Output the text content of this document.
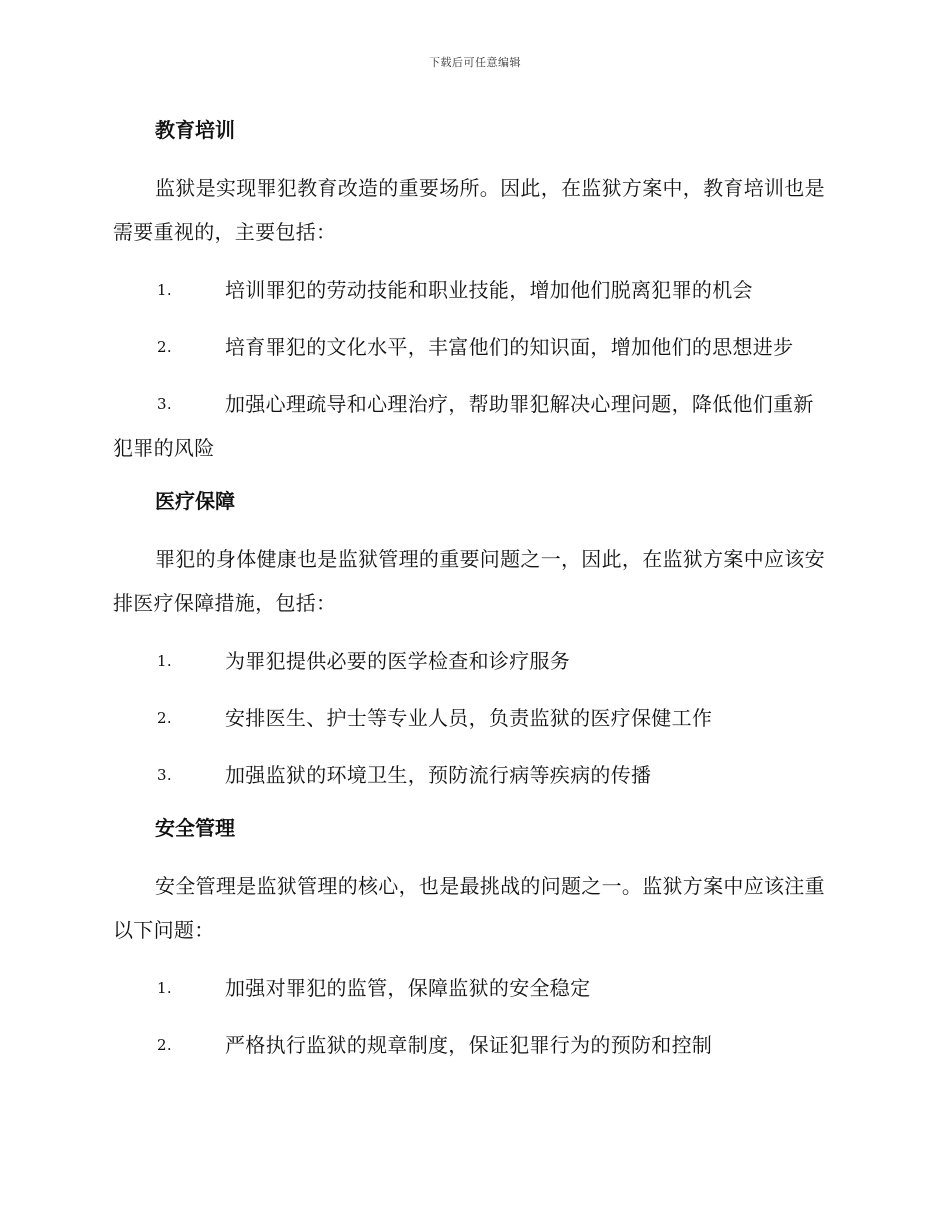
下载后可任意编辑
教育培训

监狱是实现罪犯教育改造的重要场所。因此，在监狱方案中，教育培训也是需要重视的，主要包括：

1.	培训罪犯的劳动技能和职业技能，增加他们脱离犯罪的机会
2.	培育罪犯的文化水平，丰富他们的知识面，增加他们的思想进步
3.	加强心理疏导和心理治疗，帮助罪犯解决心理问题，降低他们重新犯罪的风险
医疗保障

罪犯的身体健康也是监狱管理的重要问题之一，因此，在监狱方案中应该安排医疗保障措施，包括：

1.	为罪犯提供必要的医学检查和诊疗服务
2.	安排医生、护士等专业人员，负责监狱的医疗保健工作
3.	加强监狱的环境卫生，预防流行病等疾病的传播
安全管理

安全管理是监狱管理的核心，也是最挑战的问题之一。监狱方案中应该注重以下问题：

1.	加强对罪犯的监管，保障监狱的安全稳定
2.	严格执行监狱的规章制度，保证犯罪行为的预防和控制
